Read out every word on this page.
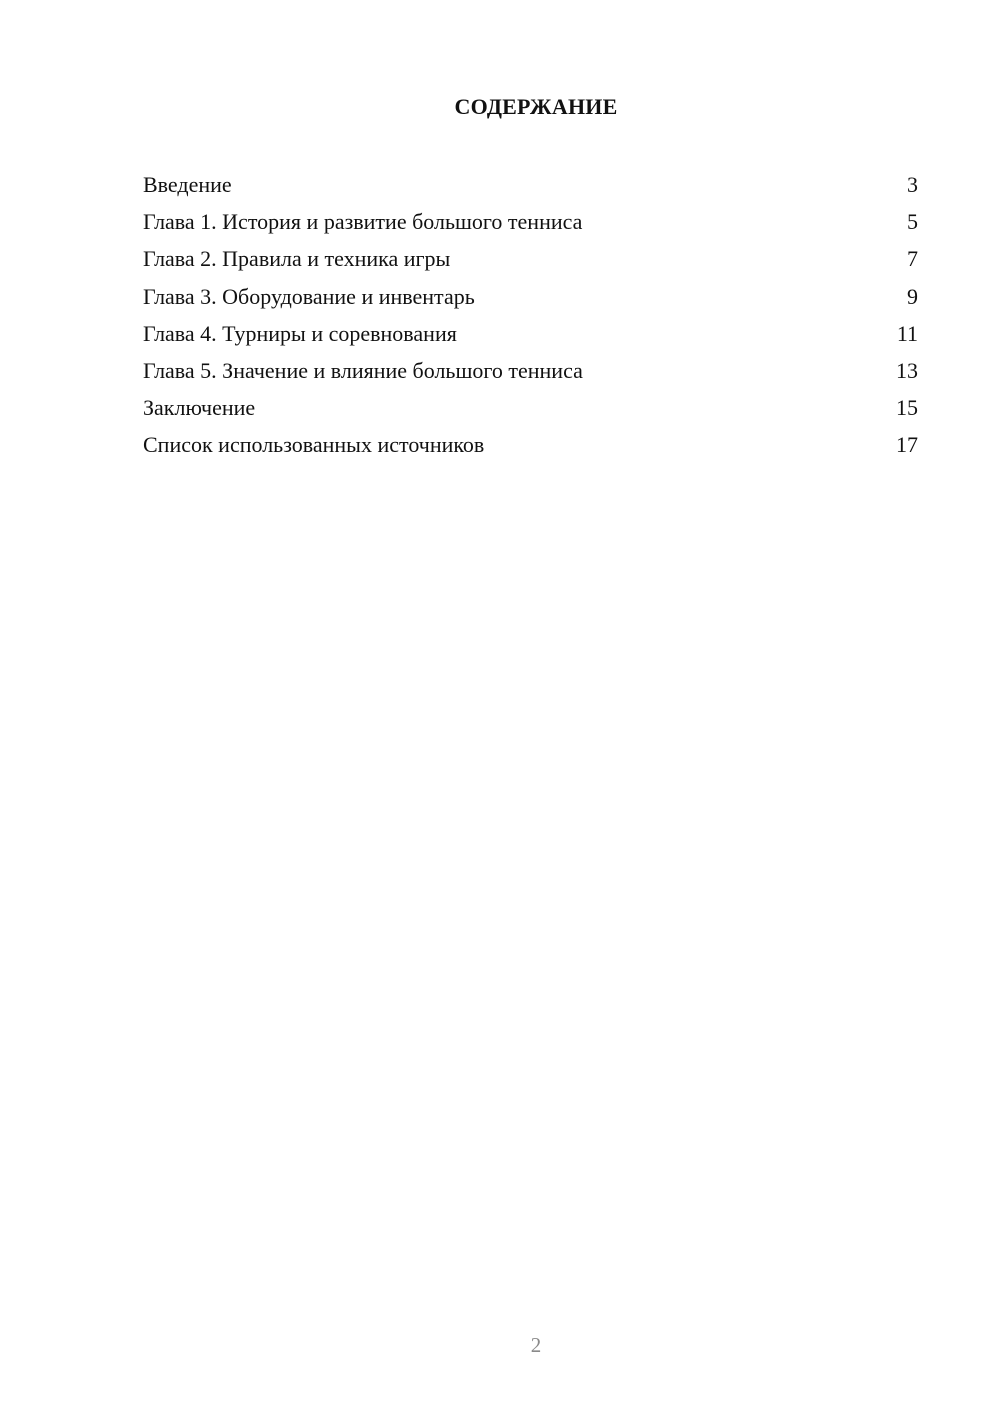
СОДЕРЖАНИЕ
Введение	3
Глава 1. История и развитие большого тенниса	5
Глава 2. Правила и техника игры	7
Глава 3. Оборудование и инвентарь	9
Глава 4. Турниры и соревнования	11
Глава 5. Значение и влияние большого тенниса	13
Заключение	15
Список использованных источников	17
2
